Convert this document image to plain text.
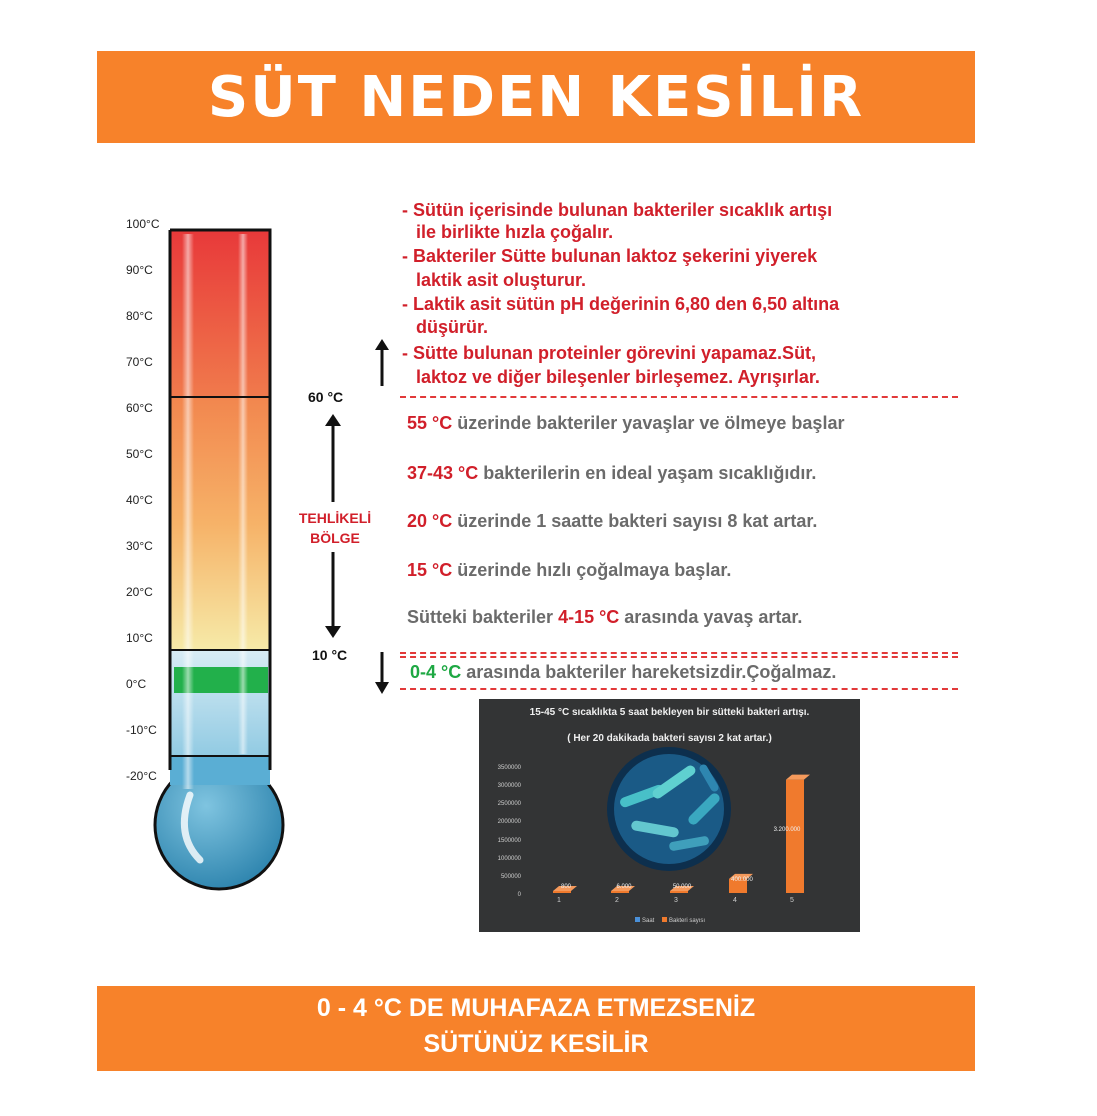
SÜT NEDEN KESİLİR
100°C
90°C
80°C
70°C
60°C
50°C
40°C
30°C
20°C
10°C
0°C
-10°C
-20°C
60 °C
10 °C
TEHLİKELİ
BÖLGE
- Sütün içerisinde bulunan bakteriler sıcaklık artışı
ile birlikte hızla çoğalır.
- Bakteriler Sütte bulunan laktoz şekerini yiyerek
laktik asit oluşturur.
- Laktik asit sütün pH değerinin 6,80 den 6,50 altına
düşürür.
- Sütte bulunan proteinler görevini yapamaz.Süt,
laktoz ve diğer bileşenler birleşemez. Ayrışırlar.
55 °C üzerinde bakteriler yavaşlar ve ölmeye başlar
37-43 °C bakterilerin en ideal yaşam sıcaklığıdır.
20 °C üzerinde 1 saatte bakteri sayısı 8 kat artar.
15 °C üzerinde hızlı çoğalmaya başlar.
Sütteki bakteriler 4-15 °C arasında yavaş artar.
0-4 °C arasında bakteriler hareketsizdir.Çoğalmaz.
15-45 °C sıcaklıkta 5 saat bekleyen bir sütteki bakteri artışı.
( Her 20 dakikada bakteri sayısı 2 kat artar.)
3500000
3000000
2500000
2000000
1500000
1000000
500000
0
1	2	3	4	5
800	6.000	50.000
400.000
3.200.000
Saat Bakteri sayısı
0 - 4 °C DE MUHAFAZA ETMEZSENİZ
SÜTÜNÜZ KESİLİR
